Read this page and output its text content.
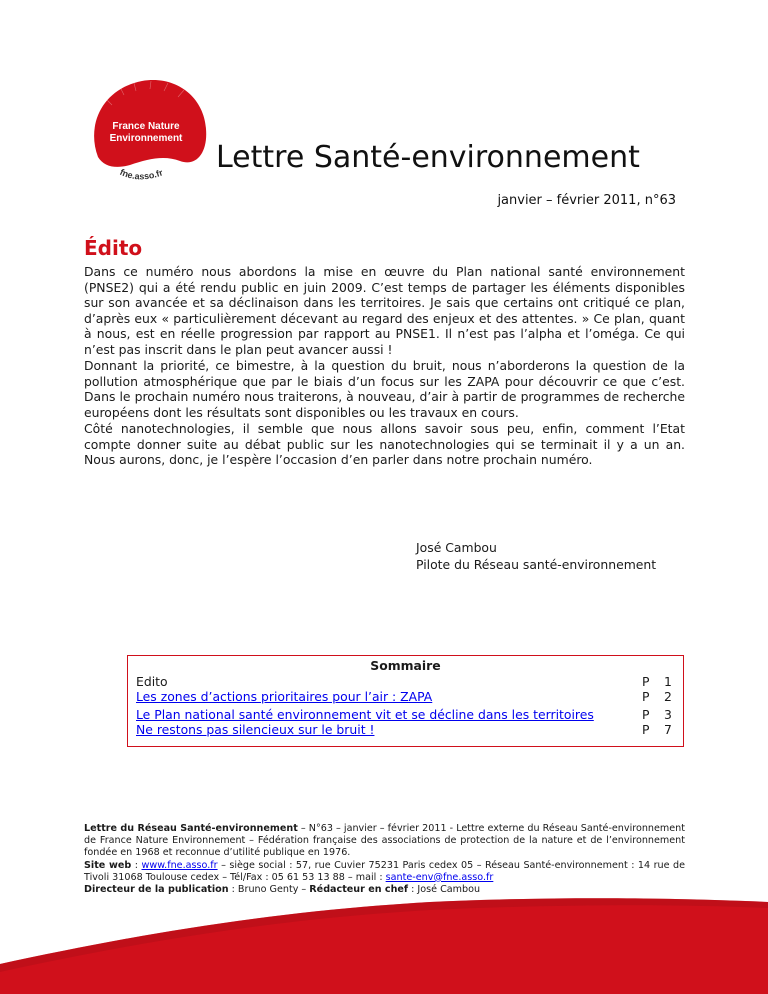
France Nature
Environnement
fne.asso.fr Lettre Santé-environnement
janvier – février 2011, n°63
Édito

Dans ce numéro nous abordons la mise en œuvre du Plan national santé environnement (PNSE2) qui a été rendu public en juin 2009. C’est temps de partager les éléments disponibles sur son avancée et sa déclinaison dans les territoires. Je sais que certains ont critiqué ce plan, d’après eux « particulièrement décevant au regard des enjeux et des attentes. » Ce plan, quant à nous, est en réelle progression par rapport au PNSE1. Il n’est pas l’alpha et l’oméga. Ce qui n’est pas inscrit dans le plan peut avancer aussi !

Donnant la priorité, ce bimestre, à la question du bruit, nous n’aborderons la question de la pollution atmosphérique que par le biais d’un focus sur les ZAPA pour découvrir ce que c’est. Dans le prochain numéro nous traiterons, à nouveau, d’air à partir de programmes de recherche européens dont les résultats sont disponibles ou les travaux en cours.

Côté nanotechnologies, il semble que nous allons savoir sous peu, enfin, comment l’Etat compte donner suite au débat public sur les nanotechnologies qui se terminait il y a un an. Nous aurons, donc, je l’espère l’occasion d’en parler dans notre prochain numéro.

José Cambou
Pilote du Réseau santé-environnement
Sommaire
Edito	P 1
Les zones d’actions prioritaires pour l’air : ZAPA	P 2
Le Plan national santé environnement vit et se décline dans les territoires	P 3
Ne restons pas silencieux sur le bruit !	P 7
Lettre du Réseau Santé-environnement – N°63 – janvier – février 2011 - Lettre externe du Réseau Santé-environnement de France Nature Environnement – Fédération française des associations de protection de la nature et de l’environnement fondée en 1968 et reconnue d’utilité publique en 1976.
Site web : www.fne.asso.fr – siège social : 57, rue Cuvier 75231 Paris cedex 05 – Réseau Santé-environnement : 14 rue de Tivoli 31068 Toulouse cedex – Tél/Fax : 05 61 53 13 88 – mail : sante-env@fne.asso.fr
Directeur de la publication : Bruno Genty – Rédacteur en chef : José Cambou
